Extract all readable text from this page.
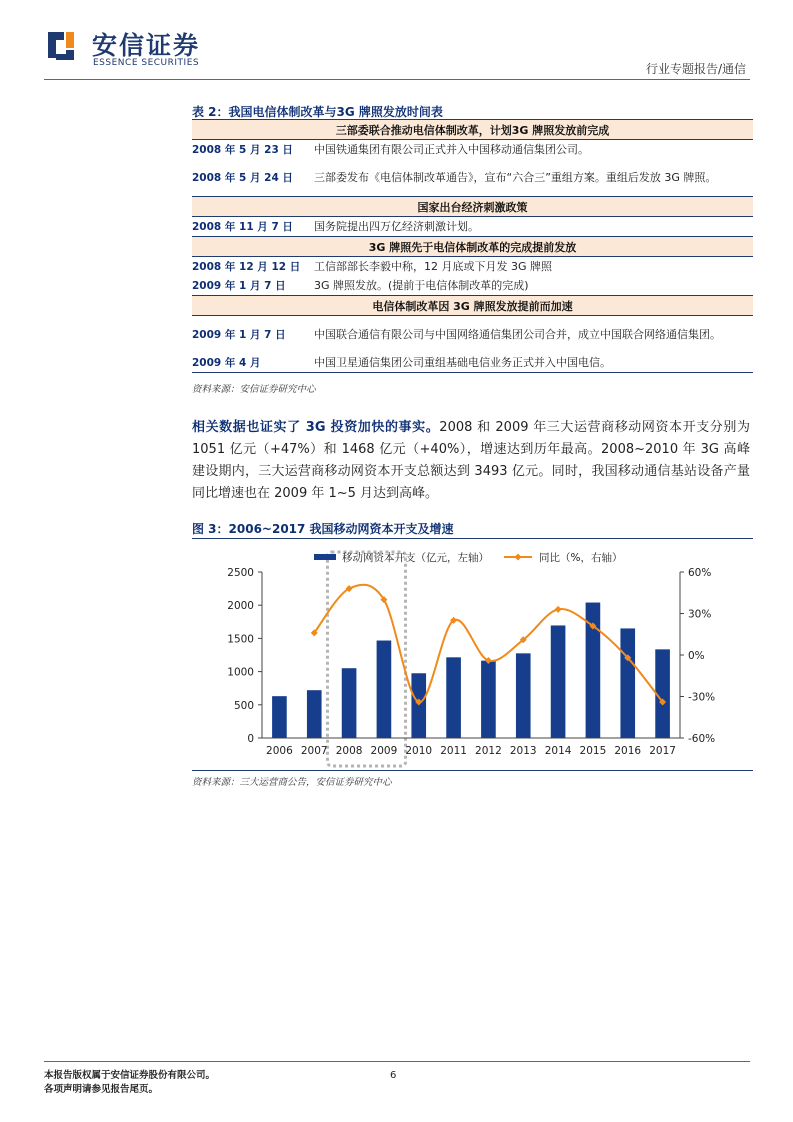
安信证券
ESSENCE SECURITIES	行业专题报告/通信
表 2：我国电信体制改革与3G 牌照发放时间表
三部委联合推动电信体制改革，计划3G 牌照发放前完成	
2008 年 5 月 23 日	中国铁通集团有限公司正式并入中国移动通信集团公司。
2008 年 5 月 24 日	三部委发布《电信体制改革通告》，宣布“六合三”重组方案。重组后发放 3G 牌照。
国家出台经济刺激政策	
2008 年 11 月 7 日	国务院提出四万亿经济刺激计划。
3G 牌照先于电信体制改革的完成提前发放	
2008 年 12 月 12 日	工信部部长李毅中称，12 月底或下月发 3G 牌照
2009 年 1 月 7 日	3G 牌照发放。(提前于电信体制改革的完成)
电信体制改革因 3G 牌照发放提前而加速	
2009 年 1 月 7 日	中国联合通信有限公司与中国网络通信集团公司合并，成立中国联合网络通信集团。
2009 年 4 月	中国卫星通信集团公司重组基础电信业务正式并入中国电信。
资料来源：安信证券研究中心
相关数据也证实了 3G 投资加快的事实。2008 和 2009 年三大运营商移动网资本开支分别为 1051 亿元（+47%）和 1468 亿元（+40%），增速达到历年最高。2008~2010 年 3G 高峰建设期内，三大运营商移动网资本开支总额达到 3493 亿元。同时，我国移动通信基站设备产量同比增速也在 2009 年 1~5 月达到高峰。
图 3：2006~2017 我国移动网资本开支及增速
0
500
1000
1500
2000
2500
-60%
-30%
0%
30%
60%
2006 2007 2008 2009 2010 2011 2012 2013 2014 2015 2016 2017
移动网资本开支（亿元，左轴）	同比（%，右轴）
资料来源：三大运营商公告，安信证券研究中心
本报告版权属于安信证券股份有限公司。
各项声明请参见报告尾页。
6
